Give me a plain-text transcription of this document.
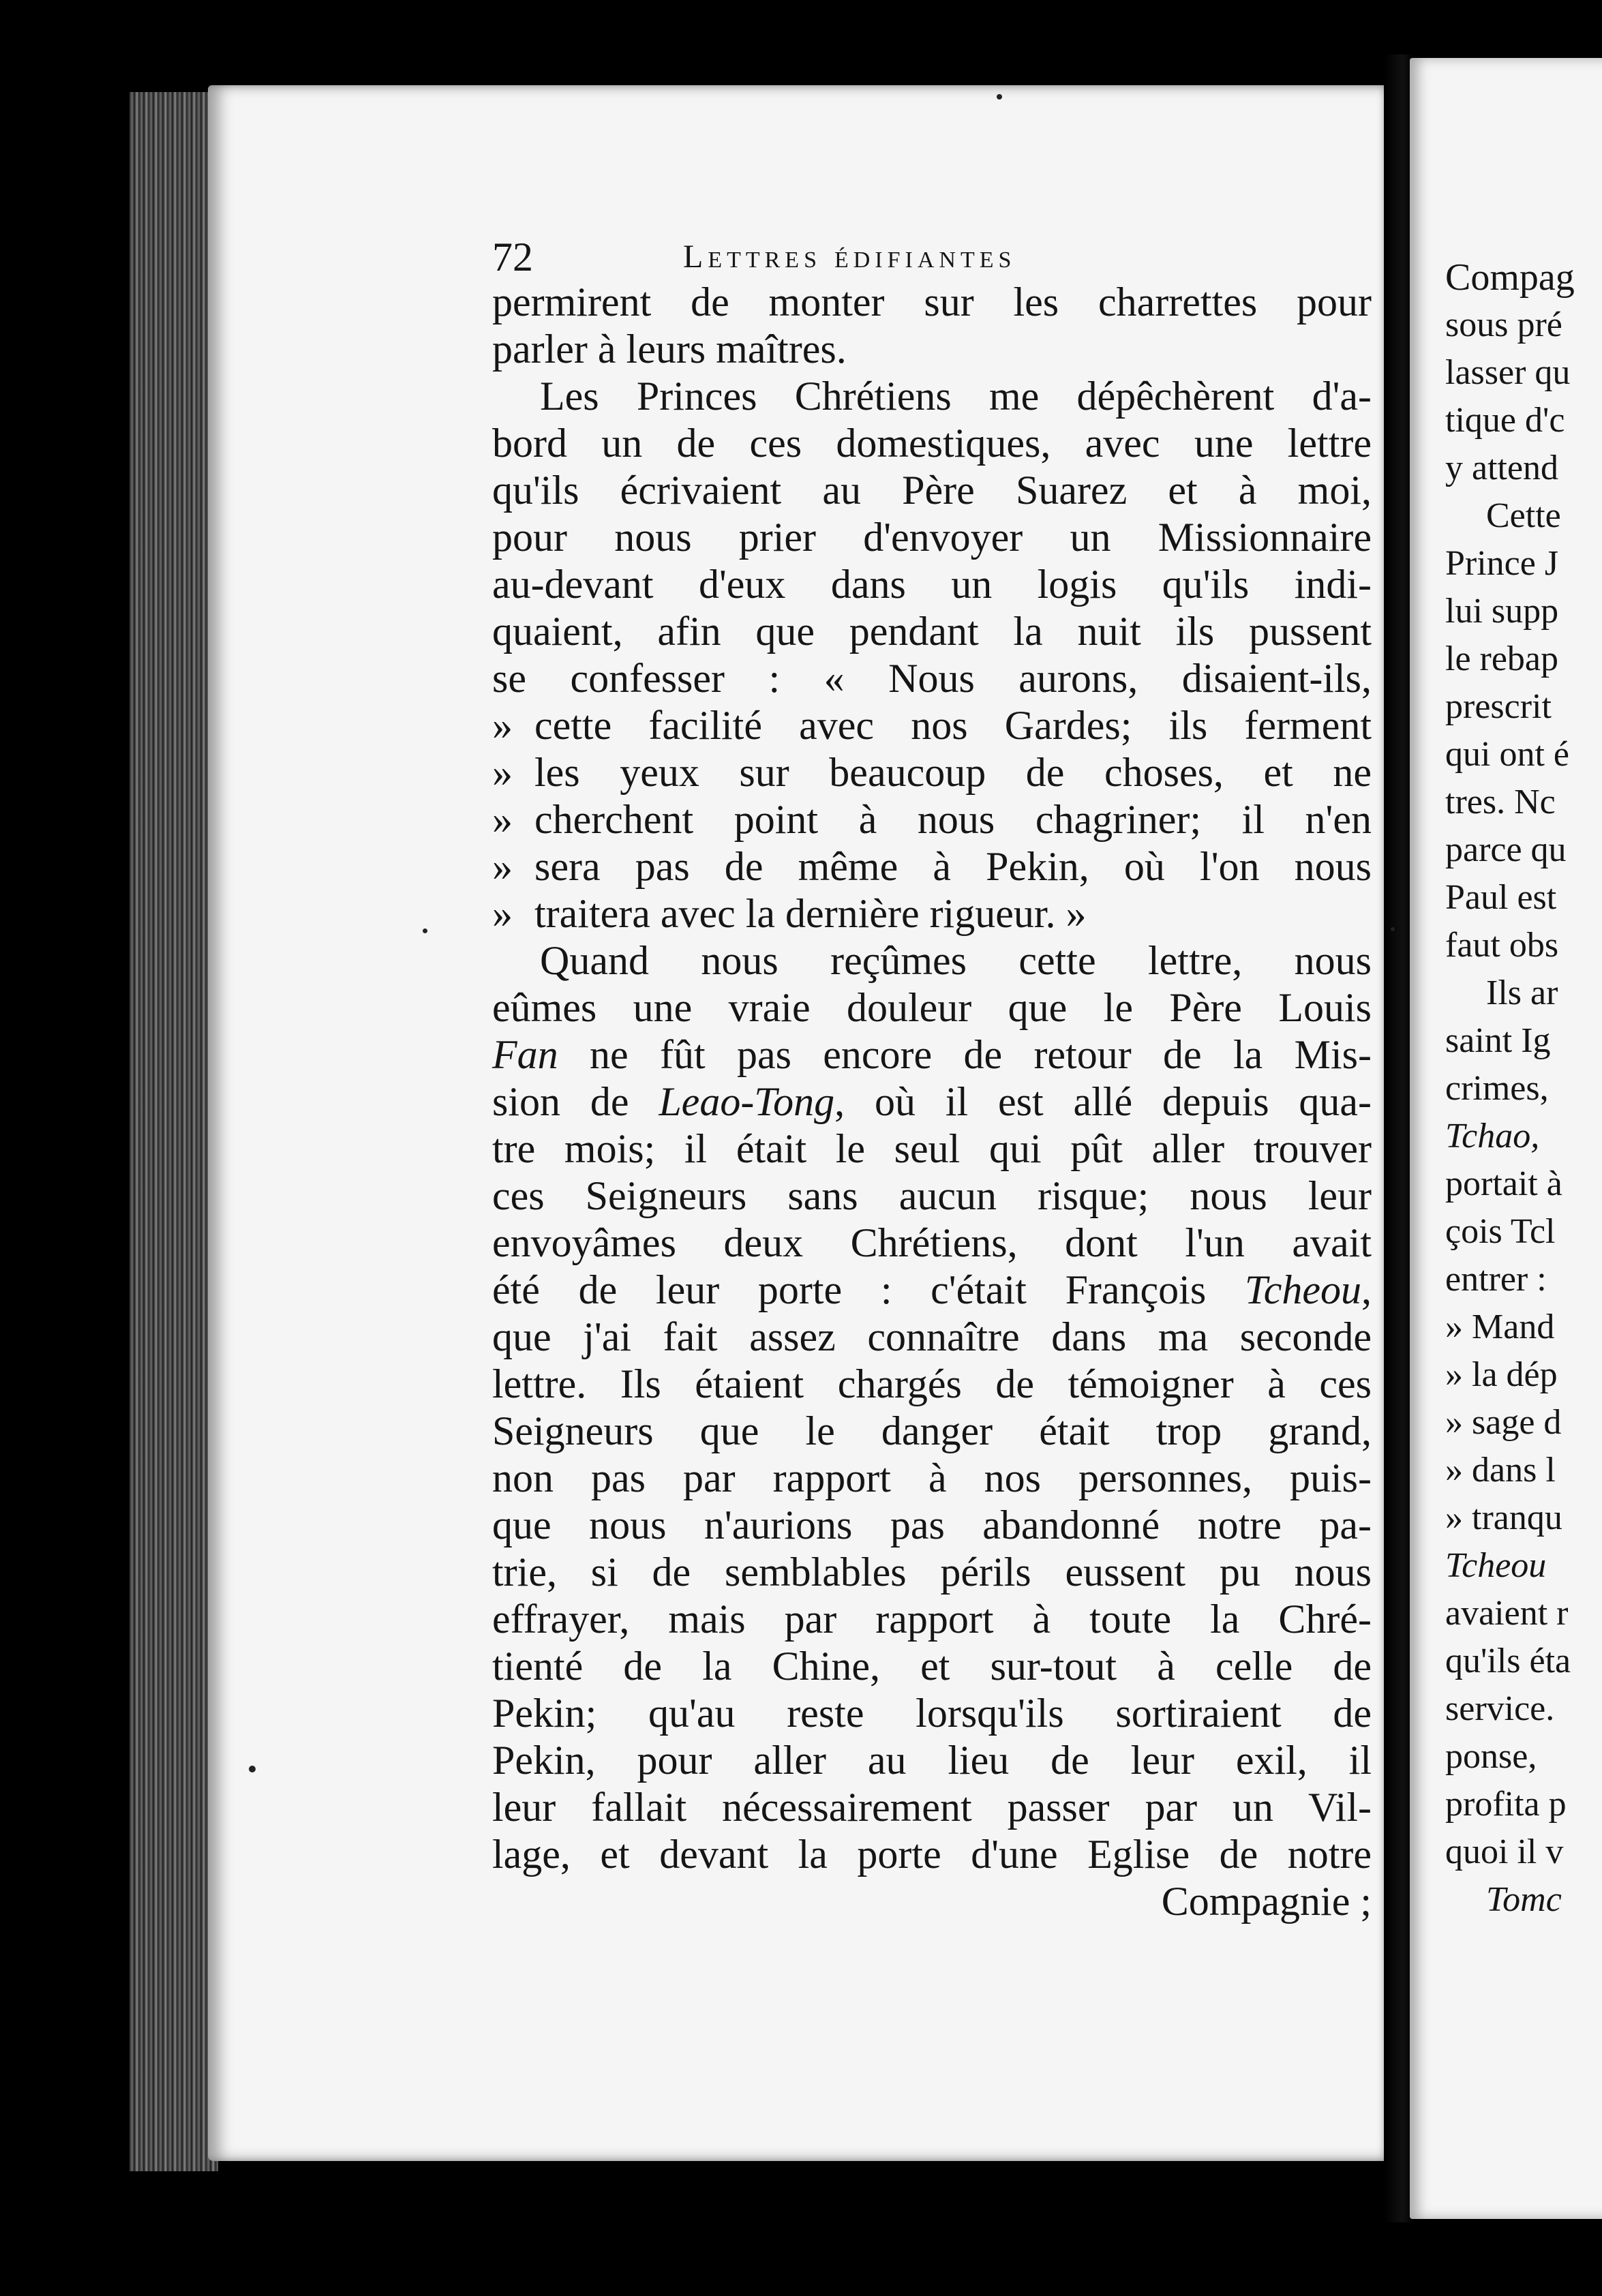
72	Lettres édifiantes
permirent de monter sur les charrettes pour
parler à leurs maîtres.
Les Princes Chrétiens me dépêchèrent d'a-
bord un de ces domestiques, avec une lettre
qu'ils écrivaient au Père Suarez et à moi,
pour nous prier d'envoyer un Missionnaire
au-devant d'eux dans un logis qu'ils indi-
quaient, afin que pendant la nuit ils pussent
se confesser : « Nous aurons, disaient-ils,
» cette facilité avec nos Gardes; ils ferment
» les yeux sur beaucoup de choses, et ne
» cherchent point à nous chagriner; il n'en
» sera pas de même à Pekin, où l'on nous
» traitera avec la dernière rigueur. »
Quand nous reçûmes cette lettre, nous
eûmes une vraie douleur que le Père Louis
Fan ne fût pas encore de retour de la Mis-
sion de Leao-Tong, où il est allé depuis qua-
tre mois; il était le seul qui pût aller trouver
ces Seigneurs sans aucun risque; nous leur
envoyâmes deux Chrétiens, dont l'un avait
été de leur porte : c'était François Tcheou,
que j'ai fait assez connaître dans ma seconde
lettre. Ils étaient chargés de témoigner à ces
Seigneurs que le danger était trop grand,
non pas par rapport à nos personnes, puis-
que nous n'aurions pas abandonné notre pa-
trie, si de semblables périls eussent pu nous
effrayer, mais par rapport à toute la Chré-
tienté de la Chine, et sur-tout à celle de
Pekin; qu'au reste lorsqu'ils sortiraient de
Pekin, pour aller au lieu de leur exil, il
leur fallait nécessairement passer par un Vil-
lage, et devant la porte d'une Eglise de notre
Compagnie ;
Compag
sous pré
lasser qu
tique d'c
y attend
Cette
Prince J
lui supp
le rebap
prescrit
qui ont é
tres. Nc
parce qu
Paul est
faut obs
Ils ar
saint Ig
crimes,
Tchao,
portait à
çois Tcl
entrer :
» Mand
» la dép
» sage d
» dans l
» tranqu
Tcheou
avaient r
qu'ils éta
service.
ponse,
profita p
quoi il v
Tomc
